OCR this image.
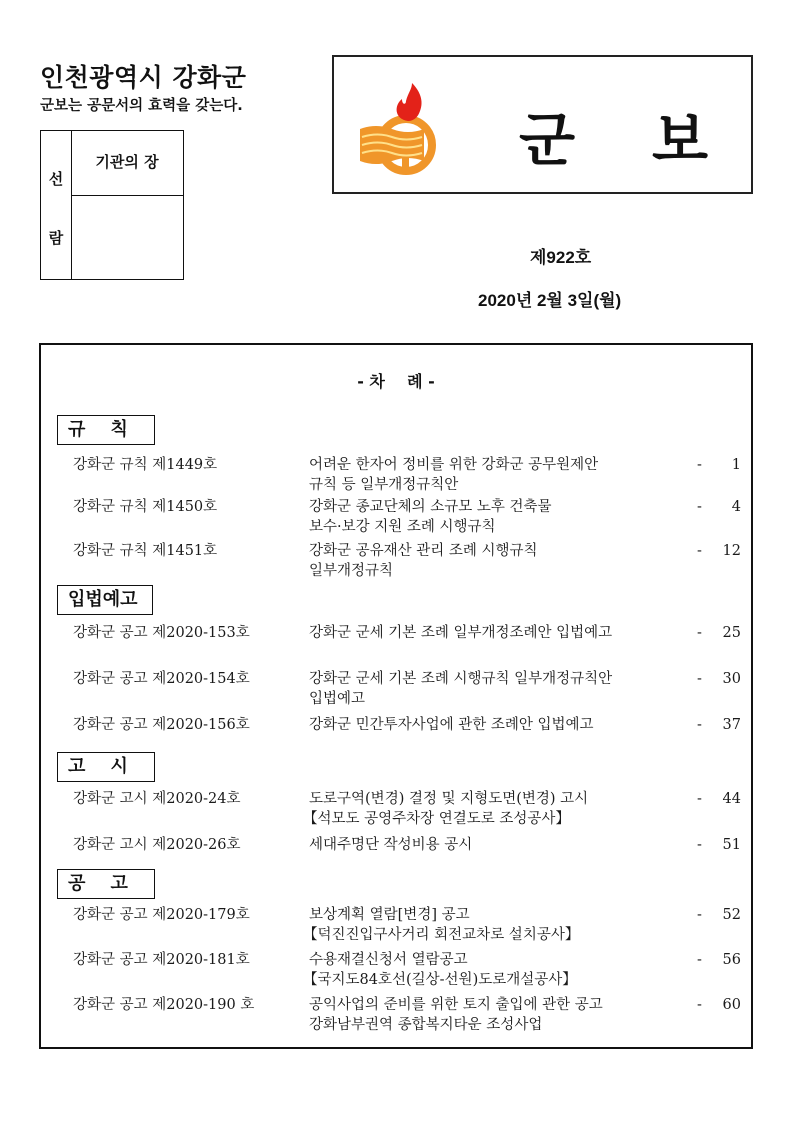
인천광역시 강화군
군보는 공문서의 효력을 갖는다.
선
람
기관의 장	군 보
제922호
2020년 2월 3일(월)
- 차    례 -
규    칙
강화군 규칙 제1449호	어려운 한자어 정비를 위한 강화군 공무원제안
규칙 등 일부개정규칙안
- 1
강화군 규칙 제1450호	강화군 종교단체의 소규모 노후 건축물
보수·보강 지원 조례 시행규칙
- 4
강화군 규칙 제1451호	강화군 공유재산 관리 조례 시행규칙
일부개정규칙
- 12
입법예고
강화군 공고 제2020-153호	강화군 군세 기본 조례 일부개정조례안 입법예고	- 25
강화군 공고 제2020-154호	강화군 군세 기본 조례 시행규칙 일부개정규칙안
입법예고
- 30
강화군 공고 제2020-156호	강화군 민간투자사업에 관한 조례안 입법예고	- 37
고    시
강화군 고시 제2020-24호	도로구역(변경) 결정 및 지형도면(변경) 고시
【석모도 공영주차장 연결도로 조성공사】
- 44
강화군 고시 제2020-26호	세대주명단 작성비용 공시	- 51
공    고
강화군 공고 제2020-179호	보상계획 열람[변경] 공고
【덕진진입구사거리 회전교차로 설치공사】
- 52
강화군 공고 제2020-181호	수용재결신청서 열람공고
【국지도84호선(길상-선원)도로개설공사】
- 56
강화군 공고 제2020-190 호	공익사업의 준비를 위한 토지 출입에 관한 공고
강화남부권역 종합복지타운 조성사업
- 60
